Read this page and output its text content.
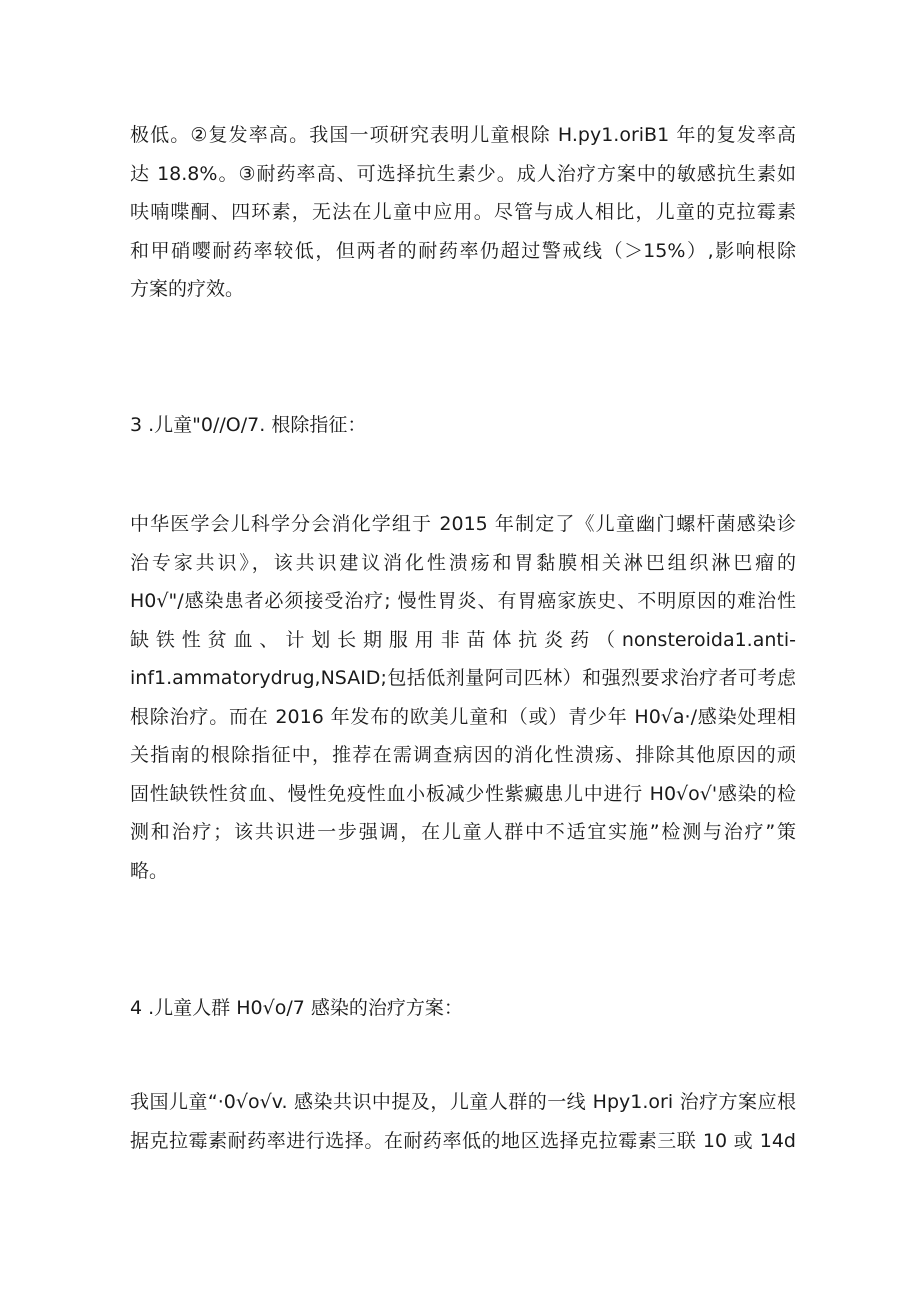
极低。②复发率高。我国一项研究表明儿童根除 H.py1.oriB1 年的复发率高
达 18.8%。③耐药率高、可选择抗生素少。成人治疗方案中的敏感抗生素如
呋喃喋酮、四环素，无法在儿童中应用。尽管与成人相比，儿童的克拉霉素
和甲硝嘤耐药率较低，但两者的耐药率仍超过警戒线（＞15%）,影响根除
方案的疗效。
3 .儿童"0//O/7. 根除指征：
中华医学会儿科学分会消化学组于 2015 年制定了《儿童幽门螺杆菌感染诊
治专家共识》，该共识建议消化性溃疡和胃黏膜相关淋巴组织淋巴瘤的
H0√"/感染患者必须接受治疗; 慢性胃炎、有胃癌家族史、不明原因的难治性
缺铁性贫血、计划长期服用非苗体抗炎药（nonsteroida1.anti-
inf1.ammatorydrug,NSAID;包括低剂量阿司匹林）和强烈要求治疗者可考虑
根除治疗。而在 2016 年发布的欧美儿童和（或）青少年 H0√a·/感染处理相
关指南的根除指征中，推荐在需调查病因的消化性溃疡、排除其他原因的顽
固性缺铁性贫血、慢性免疫性血小板减少性紫癜患儿中进行 H0√o√'感染的检
测和治疗；该共识进一步强调，在儿童人群中不适宜实施”检测与治疗”策
略。
4 .儿童人群 H0√o/7 感染的治疗方案：
我国儿童“·0√o√v. 感染共识中提及，儿童人群的一线 Hpy1.ori 治疗方案应根
据克拉霉素耐药率进行选择。在耐药率低的地区选择克拉霉素三联 10 或 14d
